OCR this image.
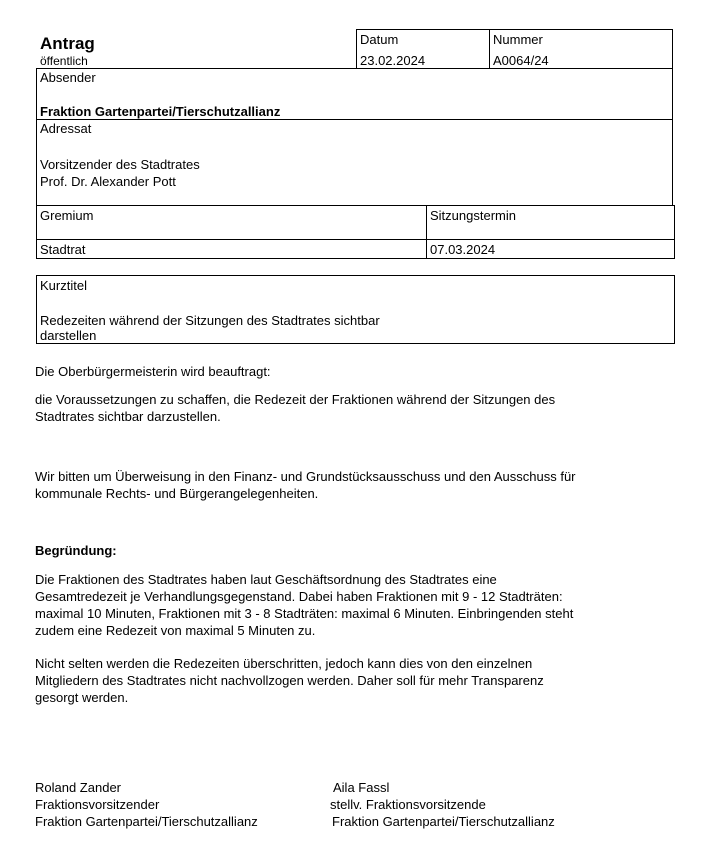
Antrag
öffentlich
Datum
23.02.2024
Nummer
A0064/24
Absender
Fraktion Gartenpartei/Tierschutzallianz
Adressat
Vorsitzender des Stadtrates
Prof. Dr. Alexander Pott
Gremium	Sitzungstermin
Stadtrat	07.03.2024
Kurztitel
Redezeiten während der Sitzungen des Stadtrates sichtbar
darstellen
Die Oberbürgermeisterin wird beauftragt:
die Voraussetzungen zu schaffen, die Redezeit der Fraktionen während der Sitzungen des
Stadtrates sichtbar darzustellen.
Wir bitten um Überweisung in den Finanz- und Grundstücksausschuss und den Ausschuss für
kommunale Rechts- und Bürgerangelegenheiten.
Begründung:
Die Fraktionen des Stadtrates haben laut Geschäftsordnung des Stadtrates eine
Gesamtredezeit je Verhandlungsgegenstand. Dabei haben Fraktionen mit 9 - 12 Stadträten:
maximal 10 Minuten, Fraktionen mit 3 - 8 Stadträten: maximal 6 Minuten. Einbringenden steht
zudem eine Redezeit von maximal 5 Minuten zu.
Nicht selten werden die Redezeiten überschritten, jedoch kann dies von den einzelnen
Mitgliedern des Stadtrates nicht nachvollzogen werden. Daher soll für mehr Transparenz
gesorgt werden.
Roland Zander
Fraktionsvorsitzender
Fraktion Gartenpartei/Tierschutzallianz
Aila Fassl
stellv. Fraktionsvorsitzende
Fraktion Gartenpartei/Tierschutzallianz
